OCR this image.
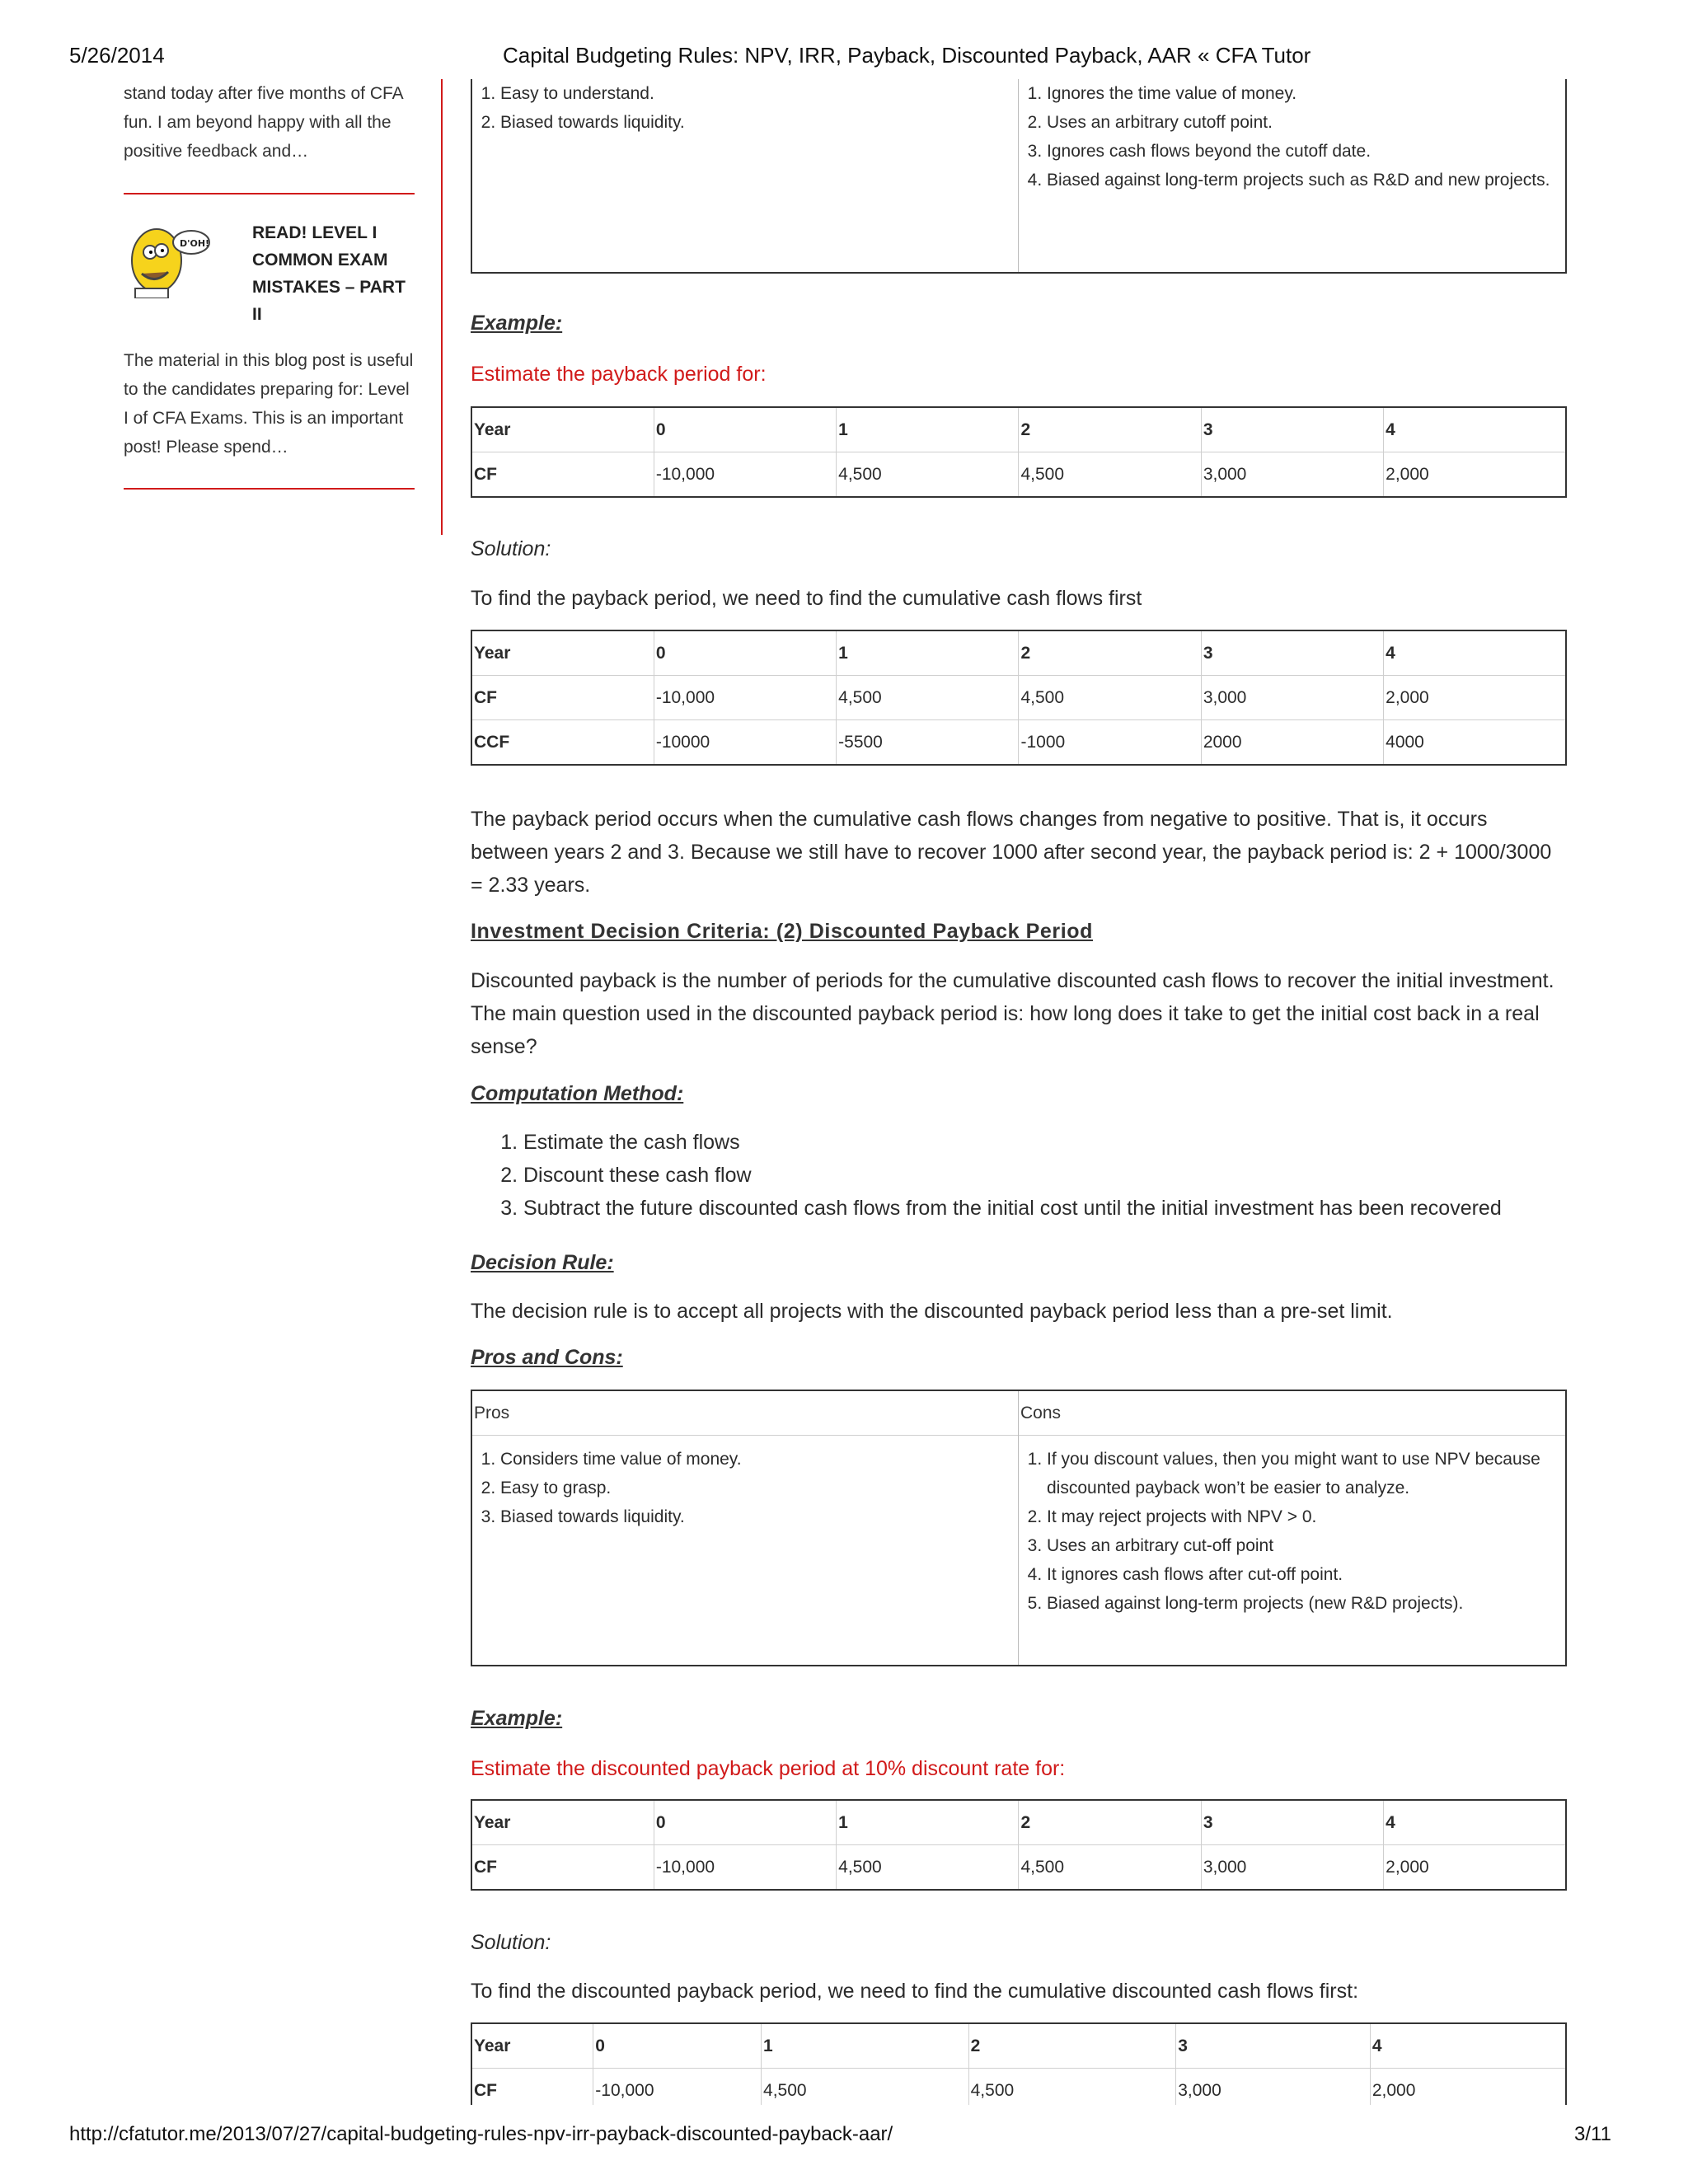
5/26/2014	Capital Budgeting Rules: NPV, IRR, Payback, Discounted Payback, AAR « CFA Tutor
stand today after five months of CFA fun. I am beyond happy with all the positive feedback and…
D'OH!
READ! LEVEL I COMMON EXAM MISTAKES – PART II
The material in this blog post is useful to the candidates preparing for: Level I of CFA Exams. This is an important post! Please spend…
1. Easy to understand.
2. Biased towards liquidity.
1. Ignores the time value of money.
2. Uses an arbitrary cutoff point.
3. Ignores cash flows beyond the cutoff date.
4. Biased against long-term projects such as R&D and new projects.
Example:
Estimate the payback period for:
Year	0	1	2	3	4
CF	-10,000	4,500	4,500	3,000	2,000
Solution:
To find the payback period, we need to find the cumulative cash flows first
Year	0	1	2	3	4
CF	-10,000	4,500	4,500	3,000	2,000
CCF	-10000	-5500	-1000	2000	4000
The payback period occurs when the cumulative cash flows changes from negative to positive. That is, it occurs between years 2 and 3. Because we still have to recover 1000 after second year, the payback period is: 2 + 1000/3000 = 2.33 years.
Investment Decision Criteria: (2) Discounted Payback Period
Discounted payback is the number of periods for the cumulative discounted cash flows to recover the initial investment. The main question used in the discounted payback period is: how long does it take to get the initial cost back in a real sense?
Computation Method:
1. Estimate the cash flows
2. Discount these cash flow
3. Subtract the future discounted cash flows from the initial cost until the initial investment has been recovered
Decision Rule:
The decision rule is to accept all projects with the discounted payback period less than a pre-set limit.
Pros and Cons:
Pros
1. Considers time value of money.
2. Easy to grasp.
3. Biased towards liquidity.
Cons
1. If you discount values, then you might want to use NPV because discounted payback won’t be easier to analyze.
2. It may reject projects with NPV > 0.
3. Uses an arbitrary cut-off point
4. It ignores cash flows after cut-off point.
5. Biased against long-term projects (new R&D projects).
Example:
Estimate the discounted payback period at 10% discount rate for:
Year	0	1	2	3	4
CF	-10,000	4,500	4,500	3,000	2,000
Solution:
To find the discounted payback period, we need to find the cumulative discounted cash flows first:
Year	0	1	2	3	4
CF	-10,000	4,500	4,500	3,000	2,000
http://cfatutor.me/2013/07/27/capital-budgeting-rules-npv-irr-payback-discounted-payback-aar/	3/11
